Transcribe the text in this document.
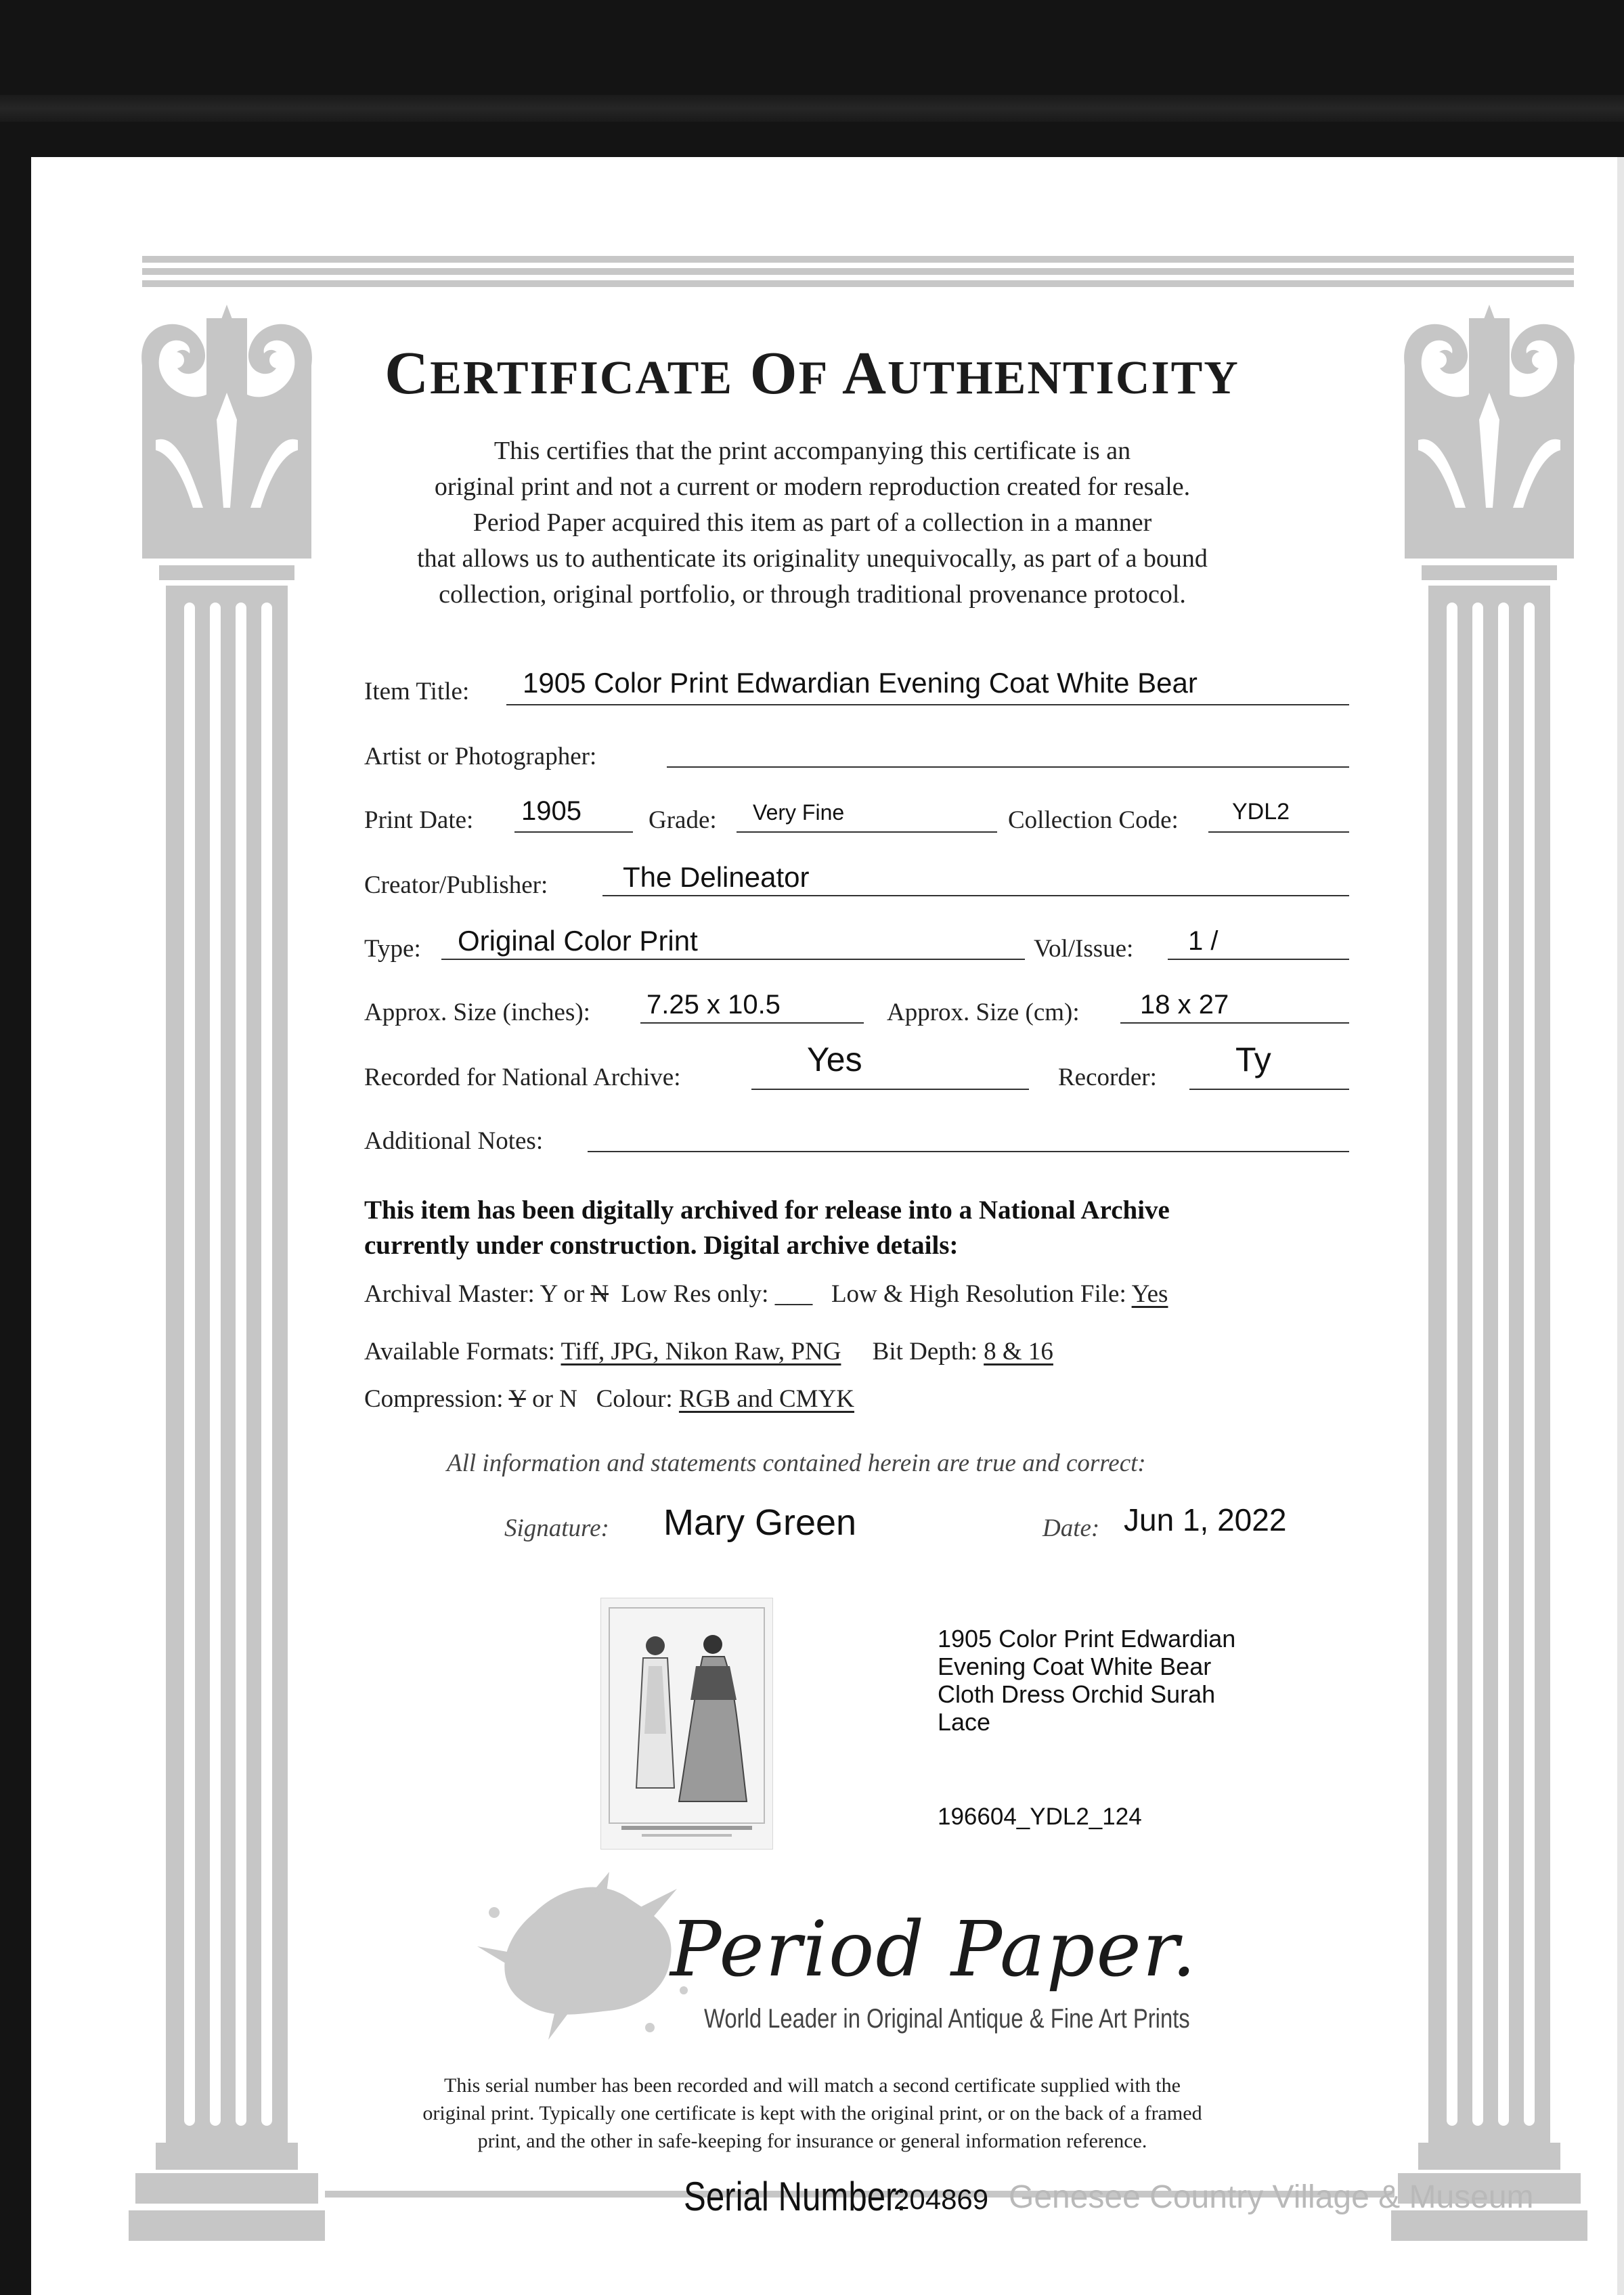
CERTIFICATE OF AUTHENTICITY
This certifies that the print accompanying this certificate is an
original print and not a current or modern reproduction created for resale.
Period Paper acquired this item as part of a collection in a manner
that allows us to authenticate its originality unequivocally, as part of a bound
collection, original portfolio, or through traditional provenance protocol.
Item Title: 1905 Color Print Edwardian Evening Coat White Bear
Artist or Photographer:
Print Date: 1905	Grade: Very Fine	Collection Code: YDL2
Creator/Publisher:	The Delineator
Type: Original Color Print	Vol/Issue: 1 /
Approx. Size (inches): 7.25 x 10.5	Approx. Size (cm): 18 x 27
Recorded for National Archive:	Yes	Recorder: Ty
Additional Notes:
This item has been digitally archived for release into a National Archive
currently under construction. Digital archive details:
Archival Master: Y or N Low Res only: ___ Low & High Resolution File: Yes
Available Formats: Tiff, JPG, Nikon Raw, PNG Bit Depth: 8 & 16
Compression: Y or N Colour: RGB and CMYK
All information and statements contained herein are true and correct:
Signature: Mary Green	Date: Jun 1, 2022
1905 Color Print Edwardian
Evening Coat White Bear
Cloth Dress Orchid Surah
Lace
196604_YDL2_124
Period Paper.
World Leader in Original Antique & Fine Art Prints
This serial number has been recorded and will match a second certificate supplied with the
original print. Typically one certificate is kept with the original print, or on the back of a framed
print, and the other in safe-keeping for insurance or general information reference.
Serial Number:
204869 Genesee Country Village & Museum
